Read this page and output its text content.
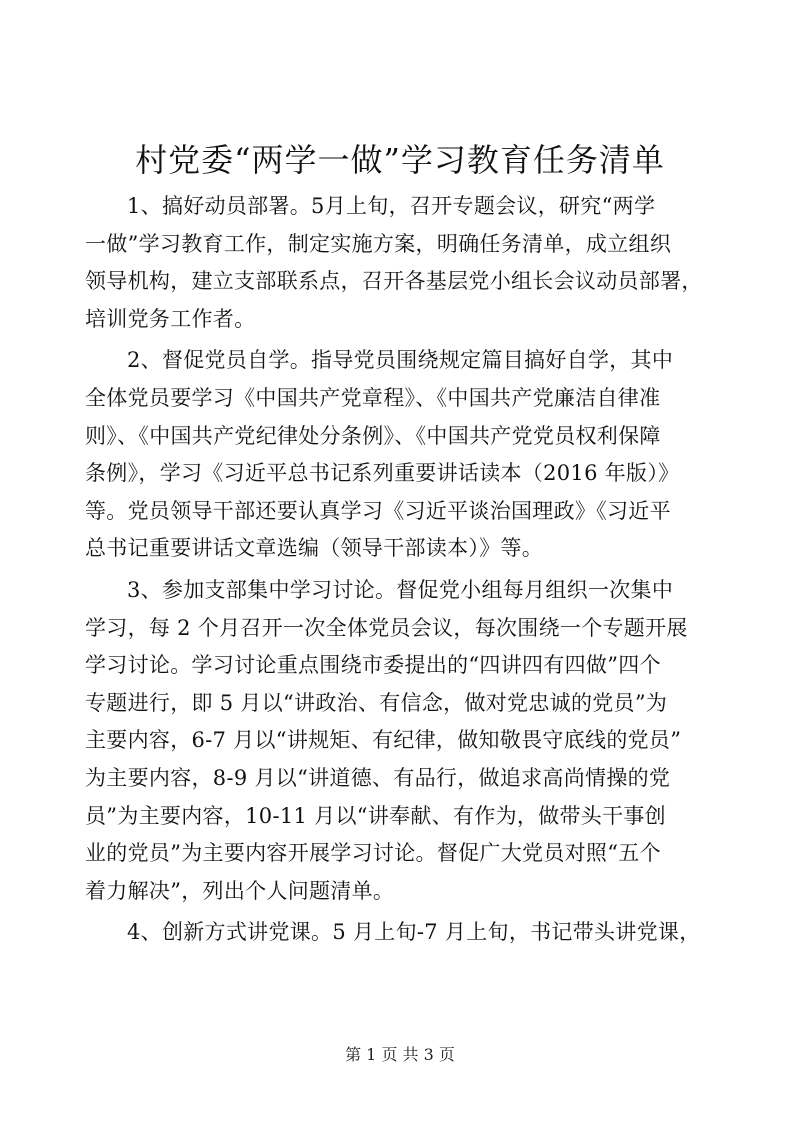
村党委“两学一做”学习教育任务清单
1、搞好动员部署。5月上旬，召开专题会议，研究“两学
一做”学习教育工作，制定实施方案，明确任务清单，成立组织
领导机构，建立支部联系点，召开各基层党小组长会议动员部署，
培训党务工作者。
2、督促党员自学。指导党员围绕规定篇目搞好自学，其中
全体党员要学习《中国共产党章程》、《中国共产党廉洁自律准
则》、《中国共产党纪律处分条例》、《中国共产党党员权利保障
条例》，学习《习近平总书记系列重要讲话读本（2016 年版）》
等。党员领导干部还要认真学习《习近平谈治国理政》《习近平
总书记重要讲话文章选编（领导干部读本）》等。
3、参加支部集中学习讨论。督促党小组每月组织一次集中
学习，每 2 个月召开一次全体党员会议，每次围绕一个专题开展
学习讨论。学习讨论重点围绕市委提出的“四讲四有四做”四个
专题进行，即 5 月以“讲政治、有信念，做对党忠诚的党员”为
主要内容，6-7 月以“讲规矩、有纪律，做知敬畏守底线的党员”
为主要内容，8-9 月以“讲道德、有品行，做追求高尚情操的党
员”为主要内容，10-11 月以“讲奉献、有作为，做带头干事创
业的党员”为主要内容开展学习讨论。督促广大党员对照“五个
着力解决”，列出个人问题清单。
4、创新方式讲党课。5 月上旬-7 月上旬，书记带头讲党课，
第 1 页 共 3 页
